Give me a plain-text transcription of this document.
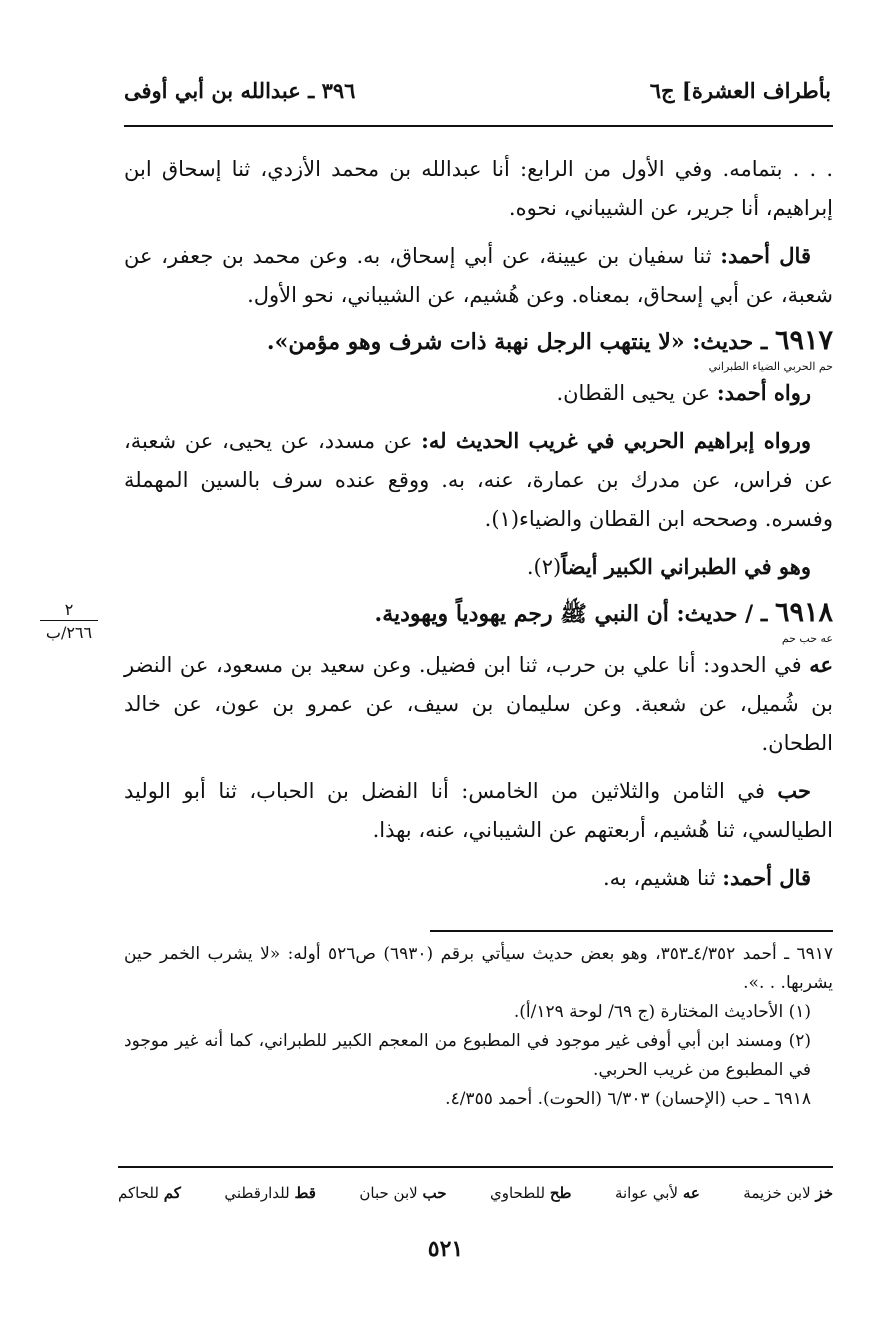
بأطراف العشرة] ج٦
٣٩٦ ـ عبدالله بن أبي أوفى
٢
٢٦٦/ب

. . . بتمامه. وفي الأول من الرابع: أنا عبدالله بن محمد الأزدي، ثنا إسحاق ابن إبراهيم، أنا جرير، عن الشيباني، نحوه.

قال أحمد: ثنا سفيان بن عيينة، عن أبي إسحاق، به. وعن محمد بن جعفر، عن شعبة، عن أبي إسحاق، بمعناه. وعن هُشيم، عن الشيباني، نحو الأول.

٦٩١٧ ـ حديث: «لا ينتهب الرجل نهبة ذات شرف وهو مؤمن».

حم الحربي الضياء الطبراني

رواه أحمد: عن يحيى القطان.

ورواه إبراهيم الحربي في غريب الحديث له: عن مسدد، عن يحيى، عن شعبة، عن فراس، عن مدرك بن عمارة، عنه، به. ووقع عنده سرف بالسين المهملة وفسره. وصححه ابن القطان والضياء(١).

وهو في الطبراني الكبير أيضاً(٢).

٦٩١٨ ـ / حديث: أن النبي ﷺ رجم يهودياً ويهودية.

عه حب حم

عه في الحدود: أنا علي بن حرب، ثنا ابن فضيل. وعن سعيد بن مسعود، عن النضر بن شُميل، عن شعبة. وعن سليمان بن سيف، عن عمرو بن عون، عن خالد الطحان.

حب في الثامن والثلاثين من الخامس: أنا الفضل بن الحباب، ثنا أبو الوليد الطيالسي، ثنا هُشيم، أربعتهم عن الشيباني، عنه، بهذا.

قال أحمد: ثنا هشيم، به.

٦٩١٧ ـ أحمد ٤/٣٥٢ـ٣٥٣، وهو بعض حديث سيأتي برقم (٦٩٣٠) ص٥٢٦ أوله: «لا يشرب الخمر حين يشربها. . .».

(١) الأحاديث المختارة (ج ٦٩/ لوحة ١٢٩/أ).

(٢) ومسند ابن أبي أوفى غير موجود في المطبوع من المعجم الكبير للطبراني، كما أنه غير موجود في المطبوع من غريب الحربي.

٦٩١٨ ـ حب (الإحسان) ٦/٣٠٣ (الحوت). أحمد ٤/٣٥٥.

خز لابن خزيمة
عه لأبي عوانة
طح للطحاوي
حب لابن حبان
قط للدارقطني
كم للحاكم
٥٢١
